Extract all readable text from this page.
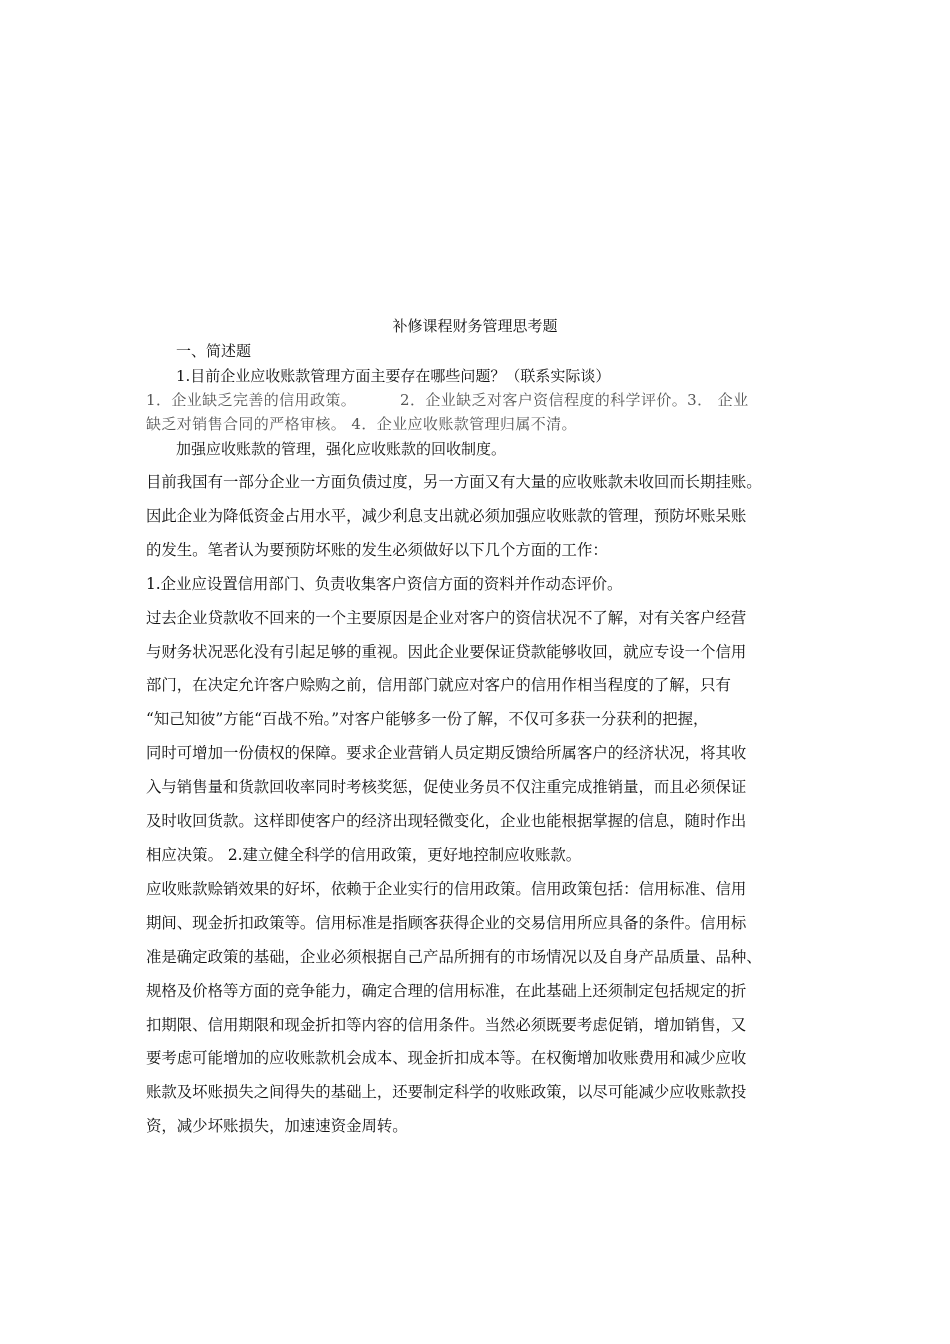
补修课程财务管理思考题
一、简述题
1.目前企业应收账款管理方面主要存在哪些问题？（联系实际谈）
1．企业缺乏完善的信用政策。　　　 2．企业缺乏对客户资信程度的科学评价。3． 企业
缺乏对销售合同的严格审核。 4．企业应收账款管理归属不清。
加强应收账款的管理，强化应收账款的回收制度。

目前我国有一部分企业一方面负债过度，另一方面又有大量的应收账款未收回而长期挂账。

因此企业为降低资金占用水平，减少利息支出就必须加强应收账款的管理，预防坏账呆账

的发生。笔者认为要预防坏账的发生必须做好以下几个方面的工作：

1.企业应设置信用部门、负责收集客户资信方面的资料并作动态评价。

过去企业贷款收不回来的一个主要原因是企业对客户的资信状况不了解，对有关客户经营

与财务状况恶化没有引起足够的重视。因此企业要保证贷款能够收回，就应专设一个信用

部门，在决定允许客户赊购之前，信用部门就应对客户的信用作相当程度的了解，只有

“知己知彼”方能“百战不殆。”对客户能够多一份了解，不仅可多获一分获利的把握，

同时可增加一份债权的保障。要求企业营销人员定期反馈给所属客户的经济状况，将其收

入与销售量和货款回收率同时考核奖惩，促使业务员不仅注重完成推销量，而且必须保证

及时收回货款。这样即使客户的经济出现轻微变化，企业也能根据掌握的信息，随时作出

相应决策。 2.建立健全科学的信用政策，更好地控制应收账款。

应收账款赊销效果的好坏，依赖于企业实行的信用政策。信用政策包括：信用标准、信用

期间、现金折扣政策等。信用标准是指顾客获得企业的交易信用所应具备的条件。信用标

准是确定政策的基础，企业必须根据自己产品所拥有的市场情况以及自身产品质量、品种、

规格及价格等方面的竞争能力，确定合理的信用标准，在此基础上还须制定包括规定的折

扣期限、信用期限和现金折扣等内容的信用条件。当然必须既要考虑促销，增加销售，又

要考虑可能增加的应收账款机会成本、现金折扣成本等。在权衡增加收账费用和减少应收

账款及坏账损失之间得失的基础上，还要制定科学的收账政策，以尽可能减少应收账款投

资，减少坏账损失，加速速资金周转。
